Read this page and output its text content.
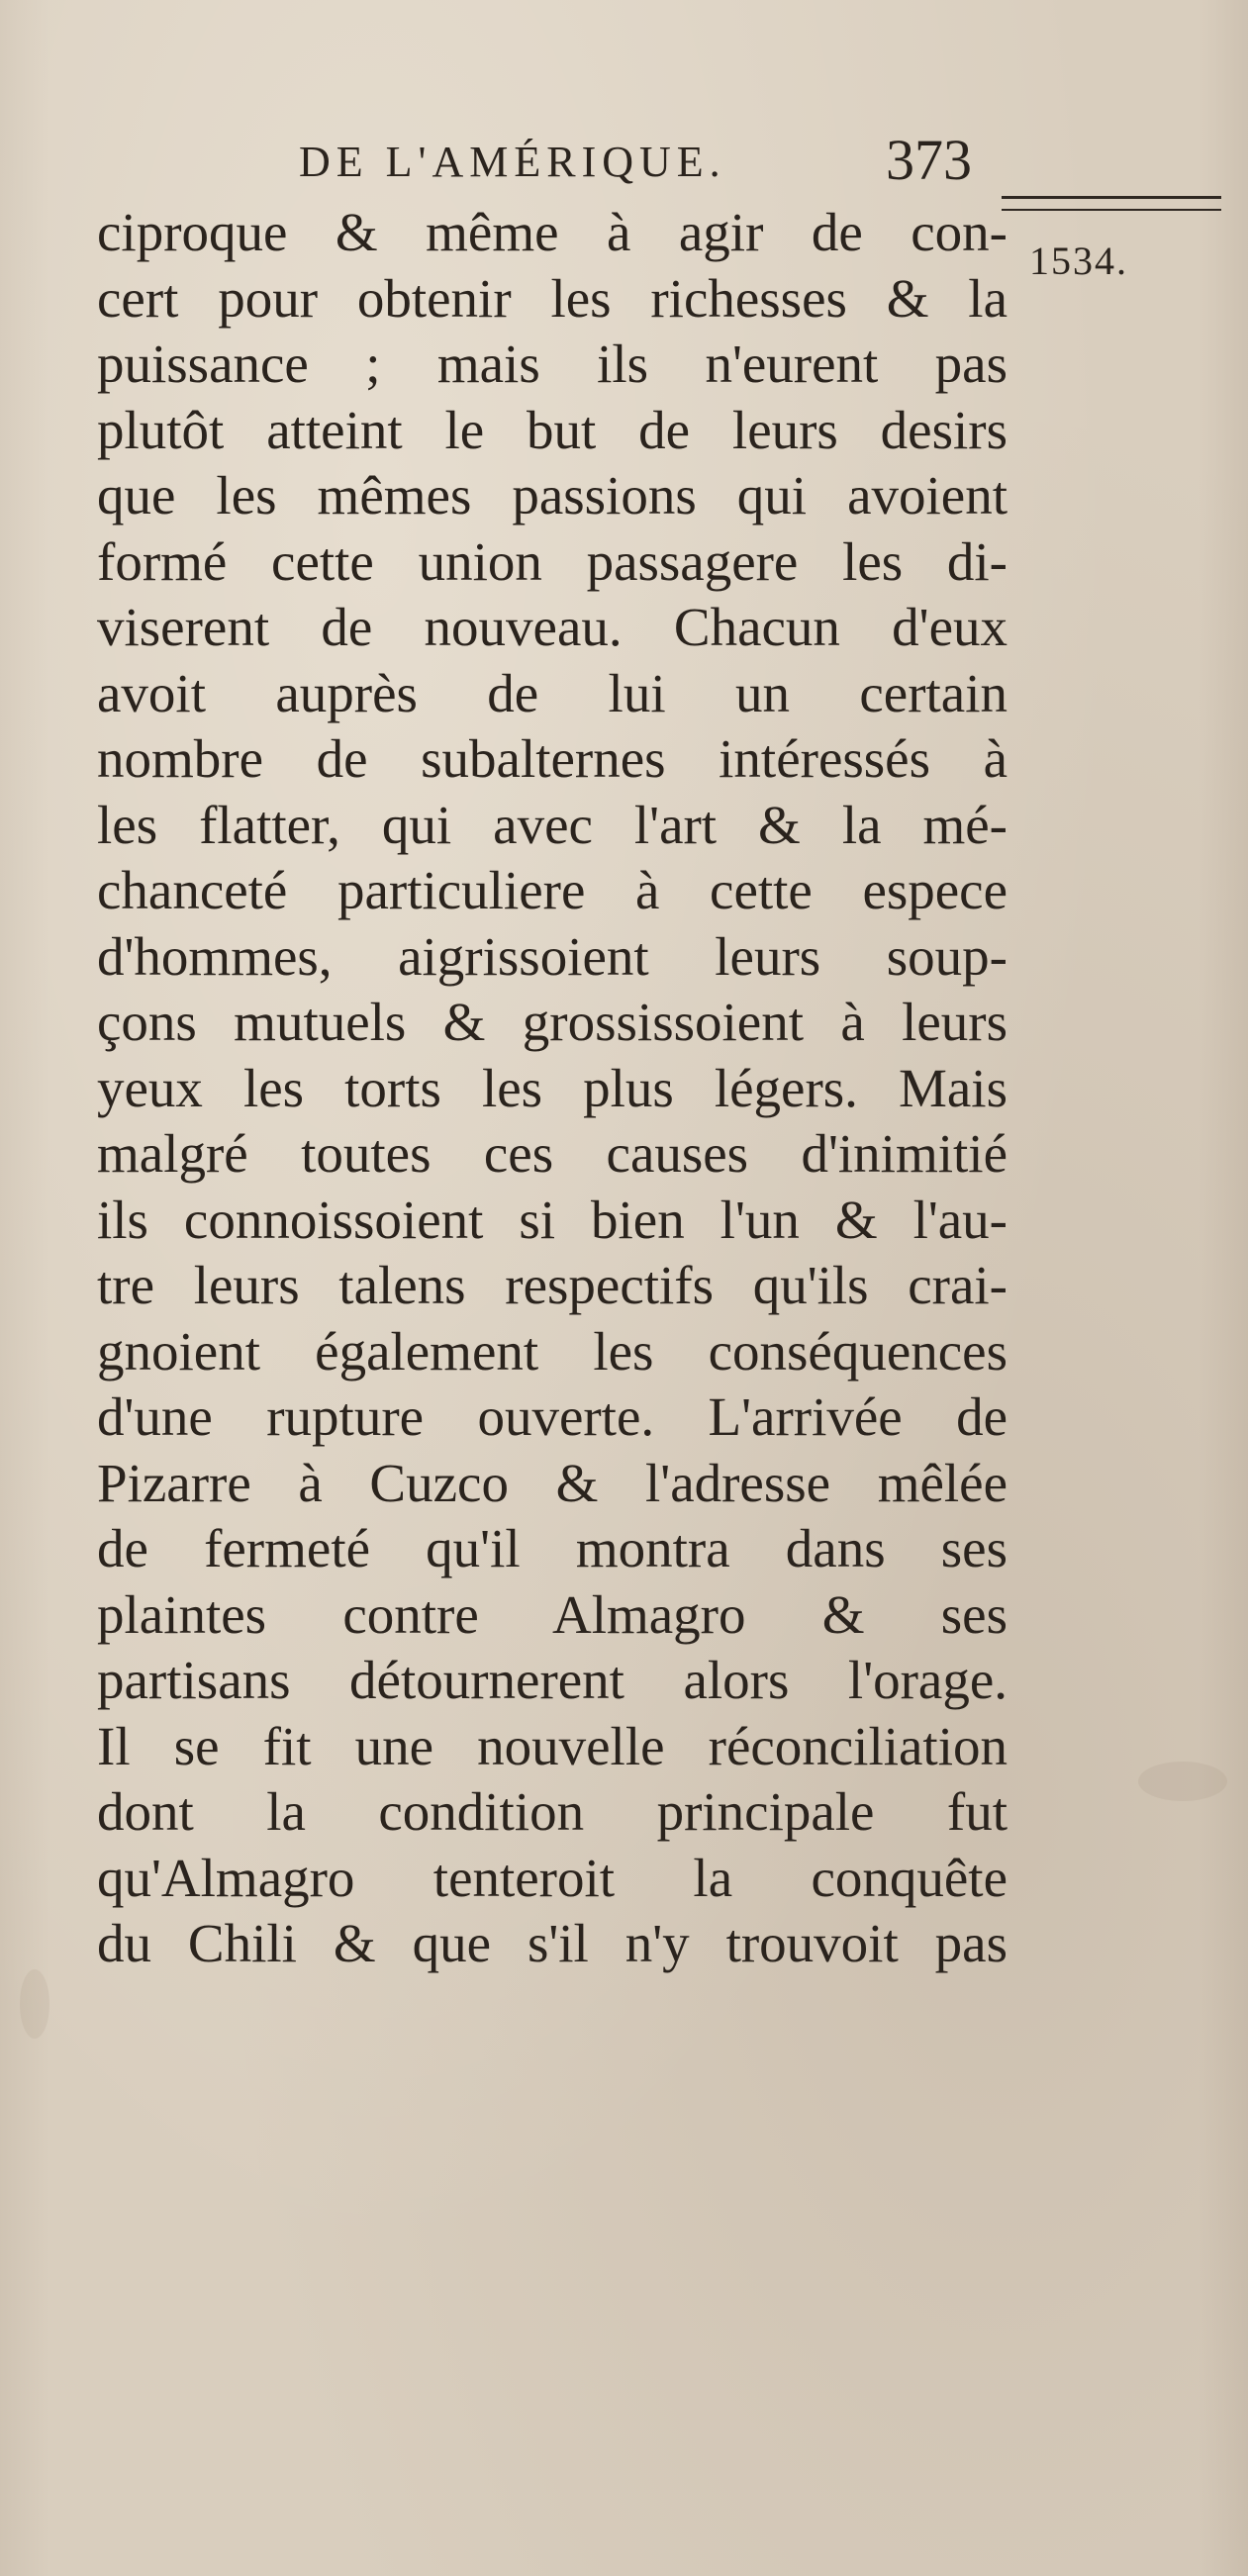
DE L'AMÉRIQUE.	373
1534.
ciproque & même à agir de con-
cert pour obtenir les richesses & la
puissance ; mais ils n'eurent pas
plutôt atteint le but de leurs desirs
que les mêmes passions qui avoient
formé cette union passagere les di-
viserent de nouveau. Chacun d'eux
avoit auprès de lui un certain
nombre de subalternes intéressés à
les flatter, qui avec l'art & la mé-
chanceté particuliere à cette espece
d'hommes, aigrissoient leurs soup-
çons mutuels & grossissoient à leurs
yeux les torts les plus légers. Mais
malgré toutes ces causes d'inimitié
ils connoissoient si bien l'un & l'au-
tre leurs talens respectifs qu'ils crai-
gnoient également les conséquences
d'une rupture ouverte. L'arrivée de
Pizarre à Cuzco & l'adresse mêlée
de fermeté qu'il montra dans ses
plaintes contre Almagro & ses
partisans détournerent alors l'orage.
Il se fit une nouvelle réconciliation
dont la condition principale fut
qu'Almagro tenteroit la conquête
du Chili & que s'il n'y trouvoit pas
